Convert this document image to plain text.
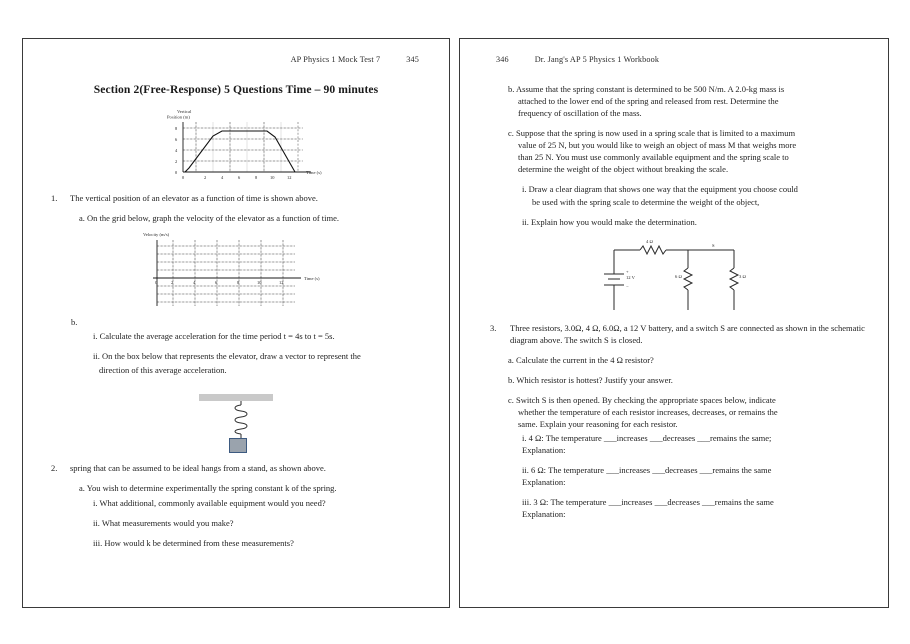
AP Physics 1 Mock Test 7	345
Section 2(Free-Response) 5 Questions Time – 90 minutes
Vertical
Position (m)
8
6
4
2
0
0	2	4	6	8	10	12
Time (s)
1.	The vertical position of an elevator as a function of time is shown above.
a. On the grid below, graph the velocity of the elevator as a function of time.
Velocity (m/s)
0	2	4	6	8	10	12
Time (s)
b.
i. Calculate the average acceleration for the time period t = 4s to t = 5s.
ii. On the box below that represents the elevator, draw a vector to represent the
direction of this average acceleration.
2.	spring that can be assumed to be ideal hangs from a stand, as shown above.
a. You wish to determine experimentally the spring constant k of the spring.
i. What additional, commonly available equipment would you need?
ii. What measurements would you make?
iii. How would k be determined from these measurements?
346	Dr. Jang's AP 5 Physics 1 Workbook
b. Assume that the spring constant is determined to be 500 N/m. A 2.0-kg mass is
attached to the lower end of the spring and released from rest. Determine the
frequency of oscillation of the mass.
c. Suppose that the spring is now used in a spring scale that is limited to a maximum
value of 25 N, but you would like to weigh an object of mass M that weighs more
than 25 N. You must use commonly available equipment and the spring scale to
determine the weight of the object without breaking the scale.
i. Draw a clear diagram that shows one way that the equipment you choose could
be used with the spring scale to determine the weight of the object,
ii. Explain how you would make the determination.
4 Ω
+
12 V
−
6 Ω
S
3 Ω
3.	Three resistors, 3.0Ω, 4 Ω, 6.0Ω, a 12 V battery, and a switch S are connected as shown in the schematic diagram above. The switch S is closed.
a. Calculate the current in the 4 Ω resistor?
b. Which resistor is hottest? Justify your answer.
c. Switch S is then opened. By checking the appropriate spaces below, indicate
whether the temperature of each resistor increases, decreases, or remains the
same. Explain your reasoning for each resistor.
i. 4 Ω: The temperature ___increases ___decreases ___remains the same;
Explanation:
ii. 6 Ω: The temperature ___increases ___decreases ___remains the same
Explanation:
iii. 3 Ω: The temperature ___increases ___decreases ___remains the same
Explanation:
